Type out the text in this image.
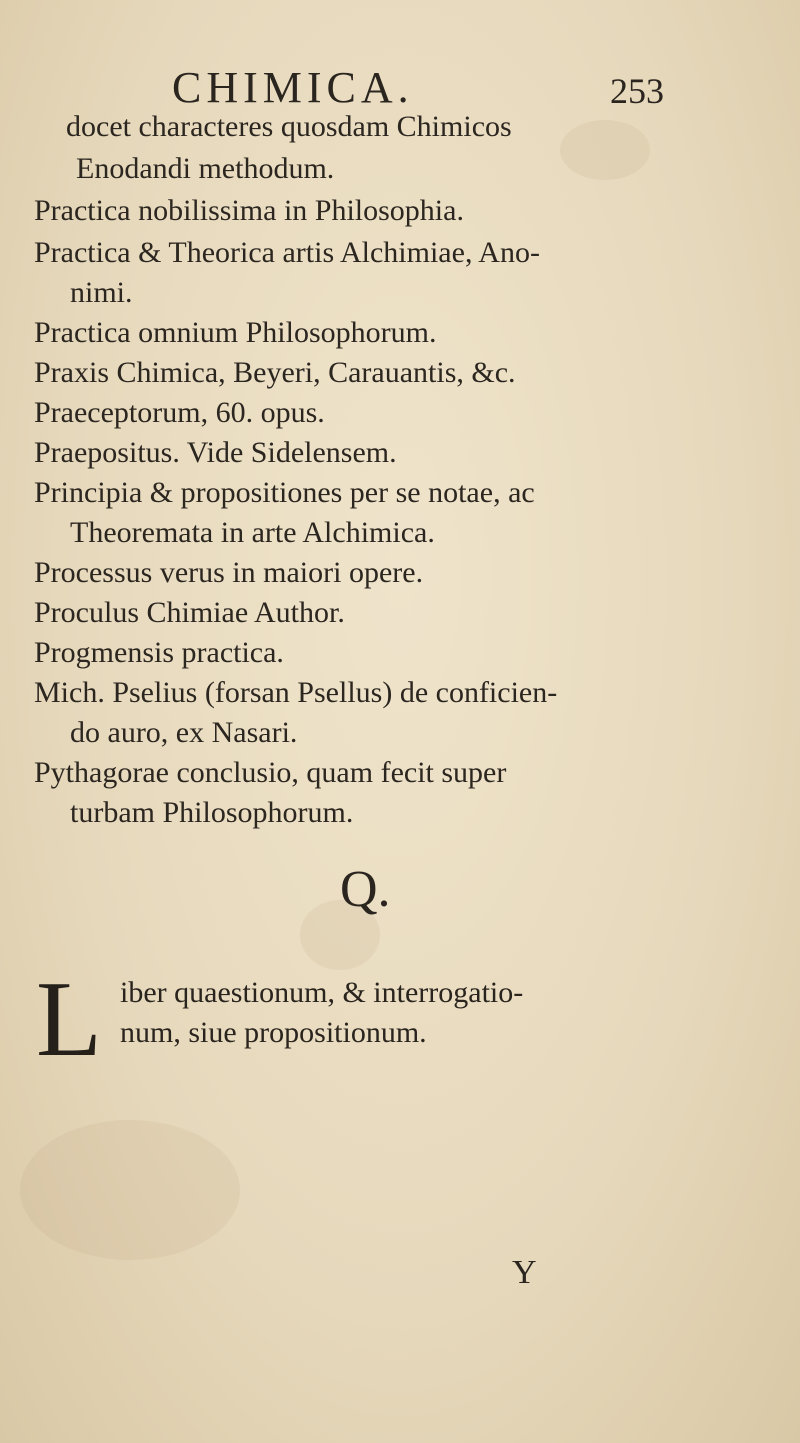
CHIMICA.	253
docet characteres quosdam Chimicos
Enodandi methodum.
Practica nobilissima in Philosophia.
Practica & Theorica artis Alchimiae, Ano-
nimi.
Practica omnium Philosophorum.
Praxis Chimica, Beyeri, Carauantis, &c.
Praeceptorum, 60. opus.
Praepositus. Vide Sidelensem.
Principia & propositiones per se notae, ac
Theoremata in arte Alchimica.
Processus verus in maiori opere.
Proculus Chimiae Author.
Progmensis practica.
Mich. Pselius (forsan Psellus) de conficien-
do auro, ex Nasari.
Pythagorae conclusio, quam fecit super
turbam Philosophorum.
Q.
L iber quaestionum, & interrogatio-
num, siue propositionum.
Y
